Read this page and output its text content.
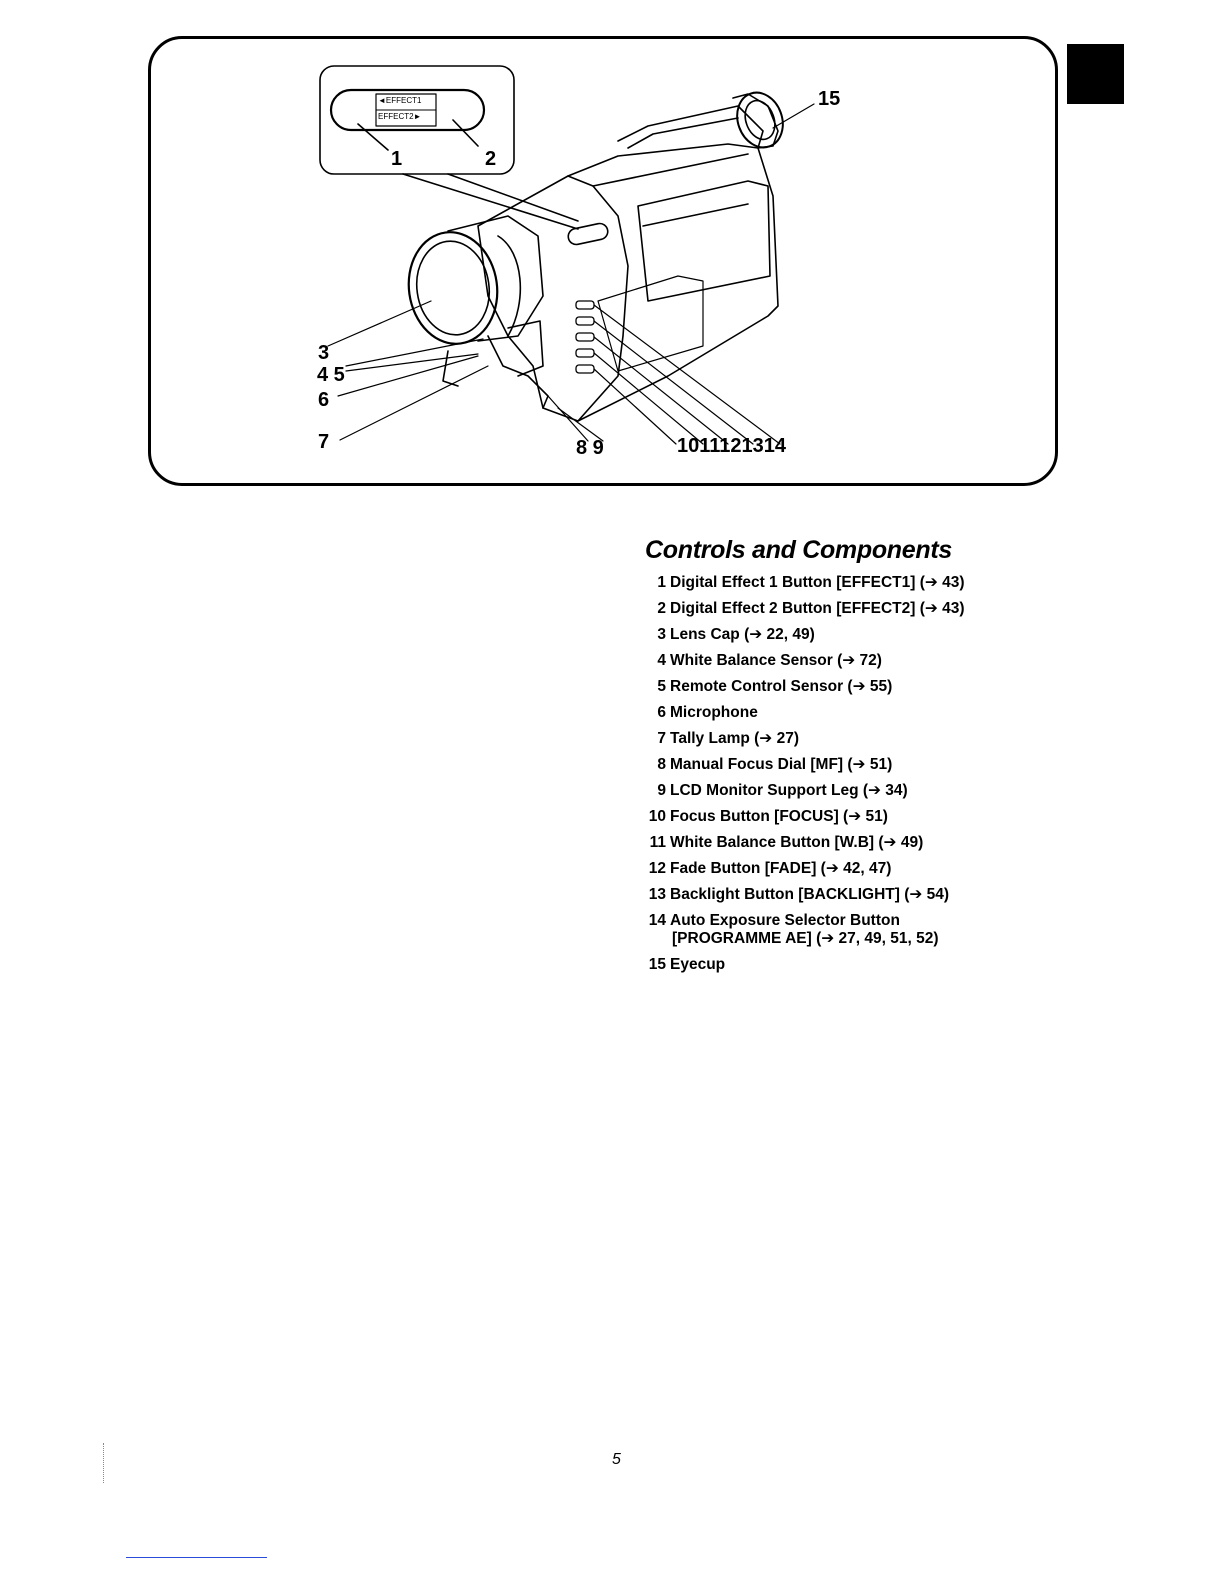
◄EFFECT1
EFFECT2►
1	2
15
3
4 5
6
7	8 9	1011121314
Controls and Components
1 Digital Effect 1 Button [EFFECT1] (➔ 43)
2 Digital Effect 2 Button [EFFECT2] (➔ 43)
3 Lens Cap (➔ 22, 49)
4 White Balance Sensor (➔ 72)
5 Remote Control Sensor (➔ 55)
6 Microphone
7 Tally Lamp (➔ 27)
8 Manual Focus Dial [MF] (➔ 51)
9 LCD Monitor Support Leg (➔ 34)
10 Focus Button [FOCUS] (➔ 51)
11 White Balance Button [W.B] (➔ 49)
12 Fade Button [FADE] (➔ 42, 47)
13 Backlight Button [BACKLIGHT] (➔ 54)
14 Auto Exposure Selector Button
[PROGRAMME AE] (➔ 27, 49, 51, 52)
15 Eyecup
5
